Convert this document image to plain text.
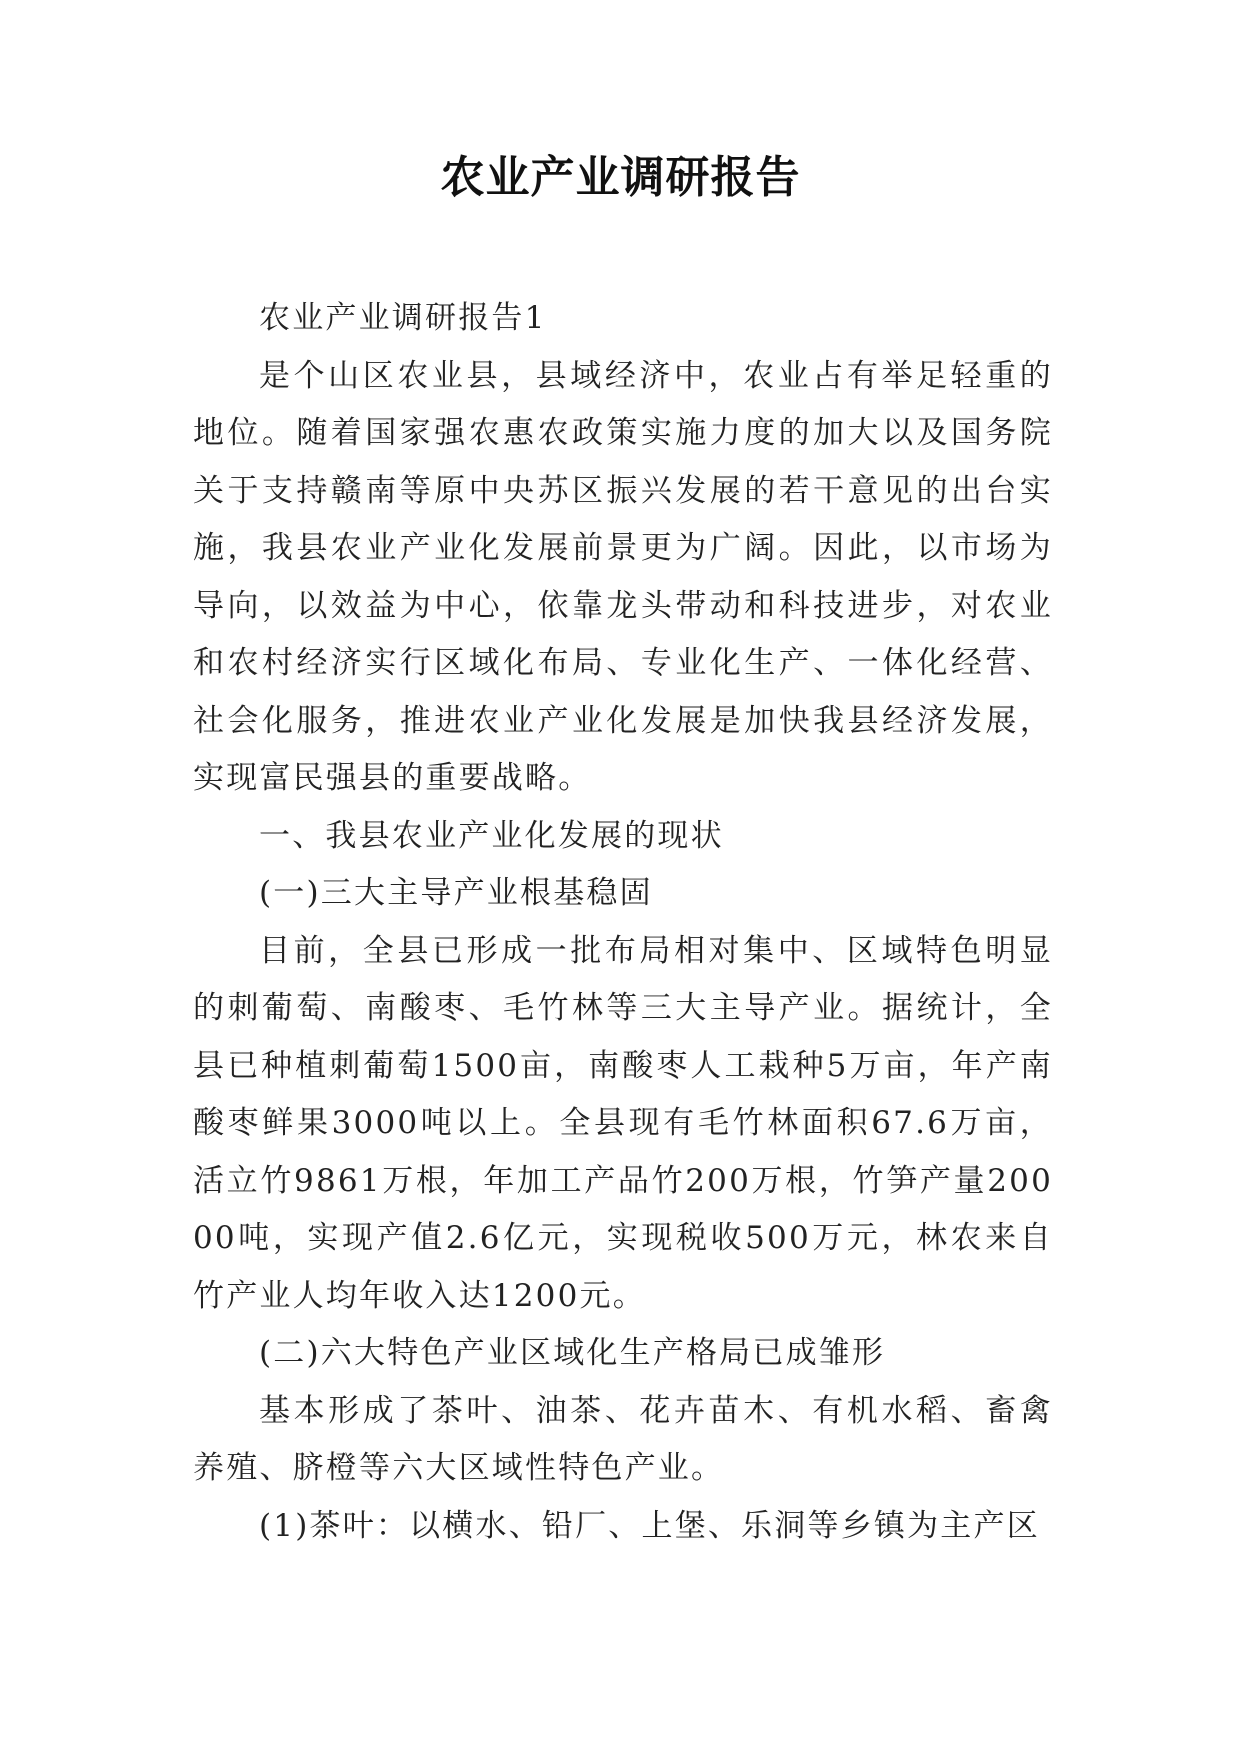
农业产业调研报告

农业产业调研报告1

是个山区农业县，县域经济中，农业占有举足轻重的地位。随着国家强农惠农政策实施力度的加大以及国务院关于支持赣南等原中央苏区振兴发展的若干意见的出台实施，我县农业产业化发展前景更为广阔。因此，以市场为导向，以效益为中心，依靠龙头带动和科技进步，对农业和农村经济实行区域化布局、专业化生产、一体化经营、社会化服务，推进农业产业化发展是加快我县经济发展，实现富民强县的重要战略。

一、我县农业产业化发展的现状

(一)三大主导产业根基稳固

目前，全县已形成一批布局相对集中、区域特色明显的刺葡萄、南酸枣、毛竹林等三大主导产业。据统计，全县已种植刺葡萄1500亩，南酸枣人工栽种5万亩，年产南酸枣鲜果3000吨以上。全县现有毛竹林面积67.6万亩，活立竹9861万根，年加工产品竹200万根，竹笋产量20000吨，实现产值2.6亿元，实现税收500万元，林农来自竹产业人均年收入达1200元。

(二)六大特色产业区域化生产格局已成雏形

基本形成了茶叶、油茶、花卉苗木、有机水稻、畜禽养殖、脐橙等六大区域性特色产业。

(1)茶叶：以横水、铅厂、上堡、乐洞等乡镇为主产区
